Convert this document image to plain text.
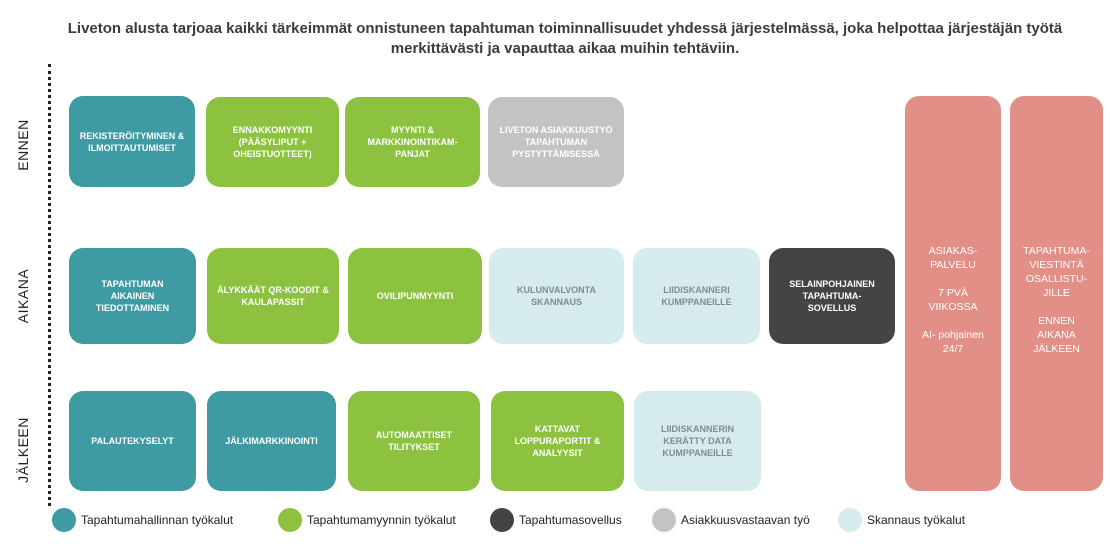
Liveton alusta tarjoaa kaikki tärkeimmät onnistuneen tapahtuman toiminnallisuudet yhdessä järjestelmässä, joka helpottaa järjestäjän työtä merkittävästi ja vapauttaa aikaa muihin tehtäviin.
ENNEN
AIKANA
JÄLKEEN
REKISTERÖITYMINEN & ILMOITTAUTUMISET
ENNAKKOMYYNTI (PÄÄSYLIPUT + OHEISTUOTTEET)
MYYNTI & MARKKINOINTIKAM-PANJAT
LIVETON ASIAKKUUSTYÖ TAPAHTUMAN PYSTYTTÄMISESSÄ
TAPAHTUMAN AIKAINEN TIEDOTTAMINEN
ÄLYKKÄÄT QR-KOODIT & KAULAPASSIT
OVILIPUNMYYNTI
KULUNVALVONTA SKANNAUS
LIIDISKANNERI KUMPPANEILLE
SELAINPOHJAINEN TAPAHTUMA-SOVELLUS
PALAUTEKYSELYT	JÄLKIMARKKINOINTI
AUTOMAATTISET TILITYKSET
KATTAVAT LOPPURAPORTIT & ANALYYSIT
LIIDISKANNERIN KERÄTTY DATA KUMPPANEILLE
ASIAKAS-
PALVELU
7 PVÄ
VIIKOSSA
AI- pohjainen
24/7
TAPAHTUMA-
VIESTINTÄ
OSALLISTU-
JILLE
ENNEN
AIKANA
JÄLKEEN
Tapahtumahallinnan työkalut	Tapahtumamyynnin työkalut	Tapahtumasovellus	Asiakkuusvastaavan työ	Skannaus työkalut
